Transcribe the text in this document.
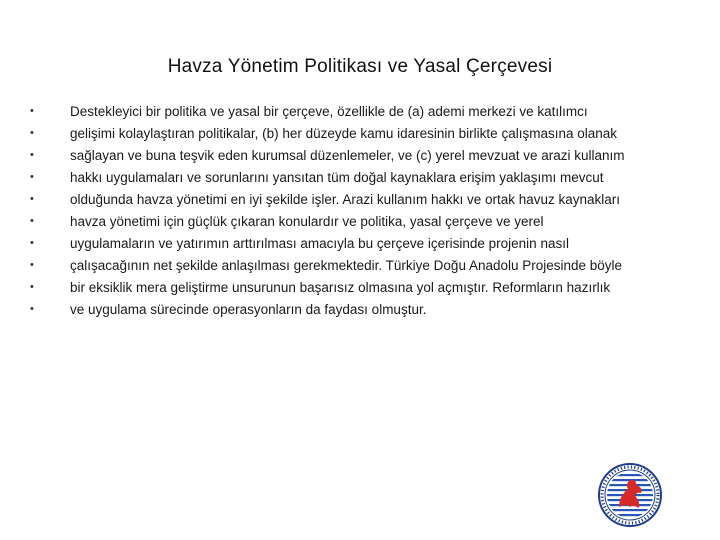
Havza Yönetim Politikası ve Yasal Çerçevesi
•	Destekleyici bir politika ve yasal bir çerçeve, özellikle de (a) ademi merkezi ve katılımcı
•	gelişimi kolaylaştıran politikalar, (b) her düzeyde kamu idaresinin birlikte çalışmasına olanak
•	sağlayan ve buna teşvik eden kurumsal düzenlemeler, ve (c) yerel mevzuat ve arazi kullanım
•	hakkı uygulamaları ve sorunlarını yansıtan tüm doğal kaynaklara erişim yaklaşımı mevcut
•	olduğunda havza yönetimi en iyi şekilde işler. Arazi kullanım hakkı ve ortak havuz kaynakları
•	havza yönetimi için güçlük çıkaran konulardır ve politika, yasal çerçeve ve yerel
•	uygulamaların ve yatırımın arttırılması amacıyla bu çerçeve içerisinde projenin nasıl
•	çalışacağının net şekilde anlaşılması gerekmektedir. Türkiye Doğu Anadolu Projesinde böyle
•	bir eksiklik mera geliştirme unsurunun başarısız olmasına yol açmıştır. Reformların hazırlık
•	ve uygulama sürecinde operasyonların da faydası olmuştur.
